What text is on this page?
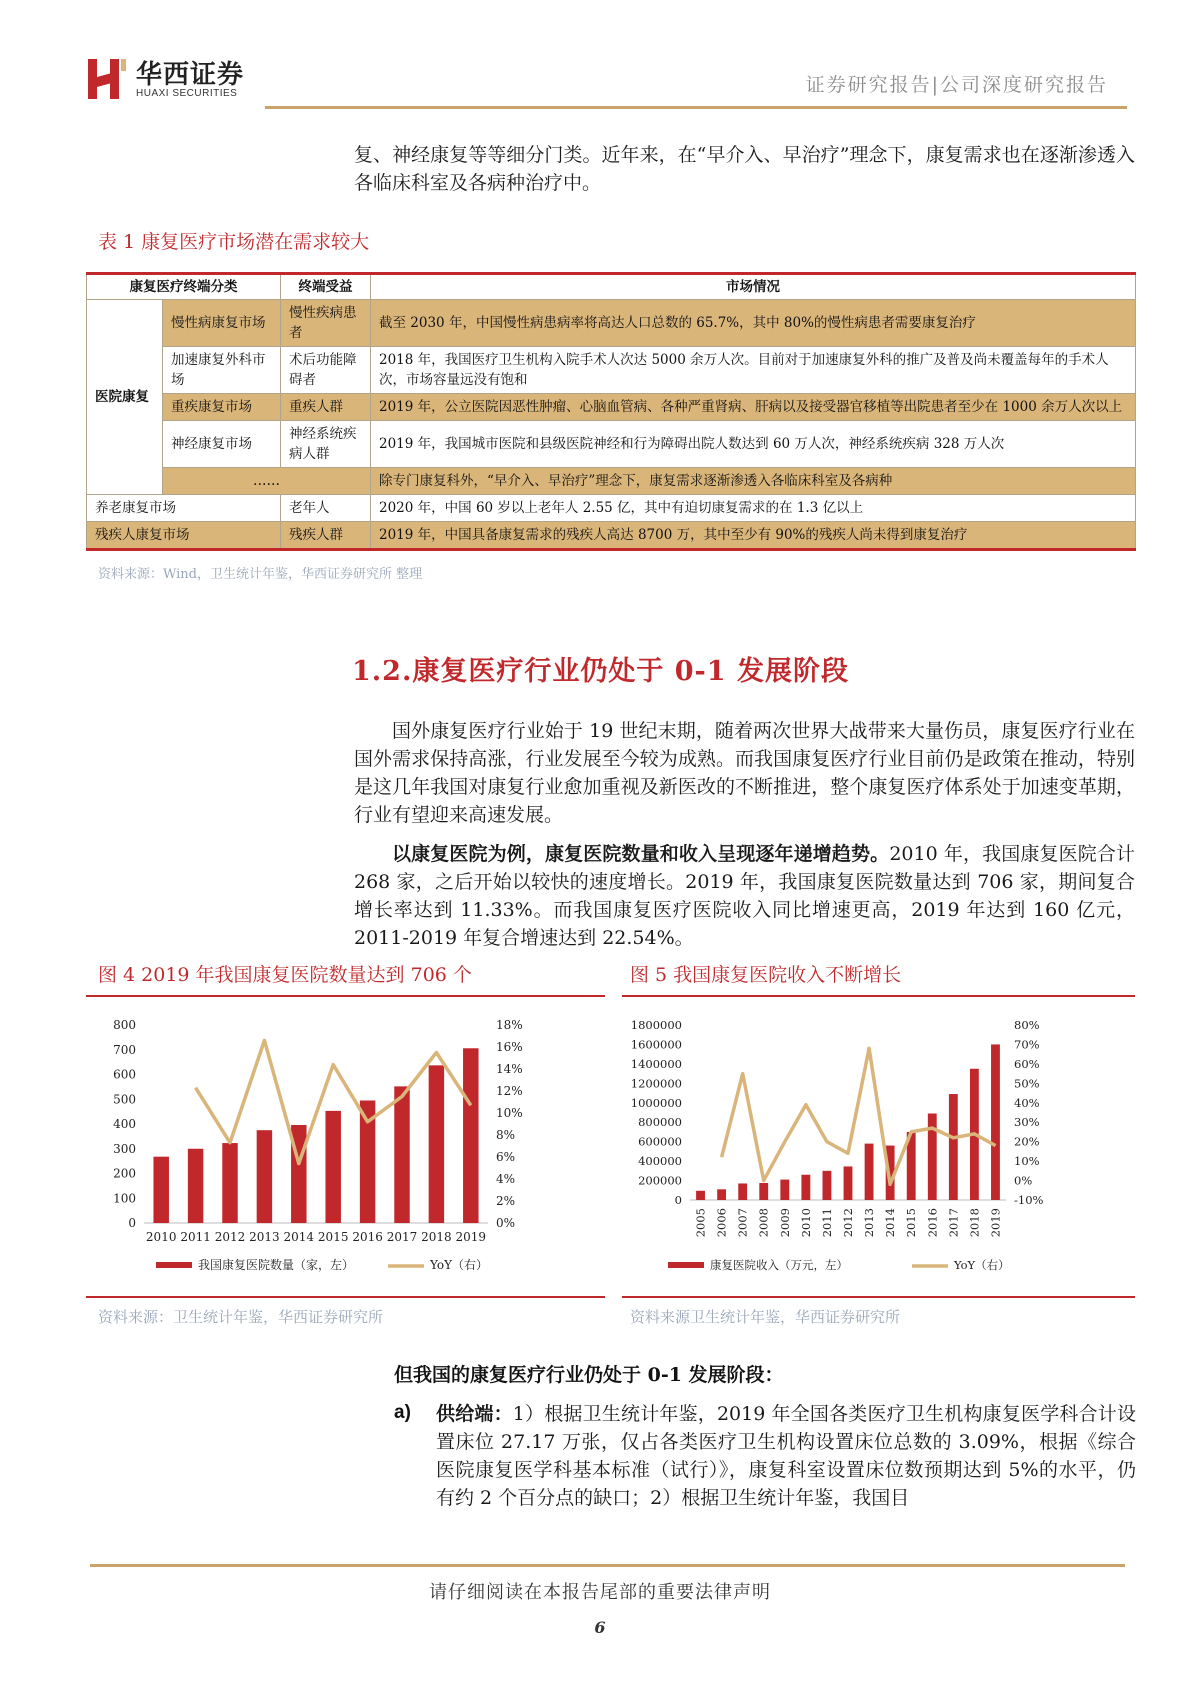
华西证券
HUAXI SECURITIES	证券研究报告|公司深度研究报告
复、神经康复等等细分门类。近年来，在“早介入、早治疗”理念下，康复需求也在逐渐渗透入各临床科室及各病种治疗中。
表 1 康复医疗市场潜在需求较大
康复医疗终端分类		终端受益	市场情况
医院康复	慢性病康复市场	慢性疾病患者	截至 2030 年，中国慢性病患病率将高达人口总数的 65.7%，其中 80%的慢性病患者需要康复治疗
	加速康复外科市场	术后功能障碍者	2018 年，我国医疗卫生机构入院手术人次达 5000 余万人次。目前对于加速康复外科的推广及普及尚未覆盖每年的手术人次，市场容量远没有饱和
	重疾康复市场	重疾人群	2019 年，公立医院因恶性肿瘤、心脑血管病、各种严重肾病、肝病以及接受器官移植等出院患者至少在 1000 余万人次以上
	神经康复市场	神经系统疾病人群	2019 年，我国城市医院和县级医院神经和行为障碍出院人数达到 60 万人次，神经系统疾病 328 万人次
	……		除专门康复科外，“早介入、早治疗”理念下，康复需求逐渐渗透入各临床科室及各病种
养老康复市场		老年人	2020 年，中国 60 岁以上老年人 2.55 亿，其中有迫切康复需求的在 1.3 亿以上
残疾人康复市场		残疾人群	2019 年，中国具备康复需求的残疾人高达 8700 万，其中至少有 90%的残疾人尚未得到康复治疗
资料来源：Wind，卫生统计年鉴，华西证券研究所 整理
1.2.康复医疗行业仍处于 0-1 发展阶段
国外康复医疗行业始于 19 世纪末期，随着两次世界大战带来大量伤员，康复医疗行业在国外需求保持高涨，行业发展至今较为成熟。而我国康复医疗行业目前仍是政策在推动，特别是这几年我国对康复行业愈加重视及新医改的不断推进，整个康复医疗体系处于加速变革期，行业有望迎来高速发展。
以康复医院为例，康复医院数量和收入呈现逐年递增趋势。2010 年，我国康复医院合计 268 家，之后开始以较快的速度增长。2019 年，我国康复医院数量达到 706 家，期间复合增长率达到 11.33%。而我国康复医疗医院收入同比增速更高，2019 年达到 160 亿元，2011-2019 年复合增速达到 22.54%。
图 4 2019 年我国康复医院数量达到 706 个
0
100
200
300
400
500
600
700
800
0%
2%
4%
6%
8%
10%
12%
14%
16%
18%
2010 2011 2012 2013 2014 2015 2016 2017 2018 2019
我国康复医院数量（家，左）	YoY（右）
资料来源：卫生统计年鉴，华西证券研究所
图 5 我国康复医院收入不断增长
0
200000
400000
600000
800000
1000000
1200000
1400000
1600000
1800000
-10%
0%
10%
20%
30%
40%
50%
60%
70%
80%
2005 2006 2007 2008 2009 2010 2011 2012 2013 2014 2015 2016 2017 2018 2019
康复医院收入（万元，左）	YoY（右）
资料来源卫生统计年鉴，华西证券研究所
但我国的康复医疗行业仍处于 0-1 发展阶段：
a) 供给端：1）根据卫生统计年鉴，2019 年全国各类医疗卫生机构康复医学科合计设置床位 27.17 万张，仅占各类医疗卫生机构设置床位总数的 3.09%，根据《综合医院康复医学科基本标准（试行）》，康复科室设置床位数预期达到 5%的水平，仍有约 2 个百分点的缺口；2）根据卫生统计年鉴，我国目
请仔细阅读在本报告尾部的重要法律声明
6
